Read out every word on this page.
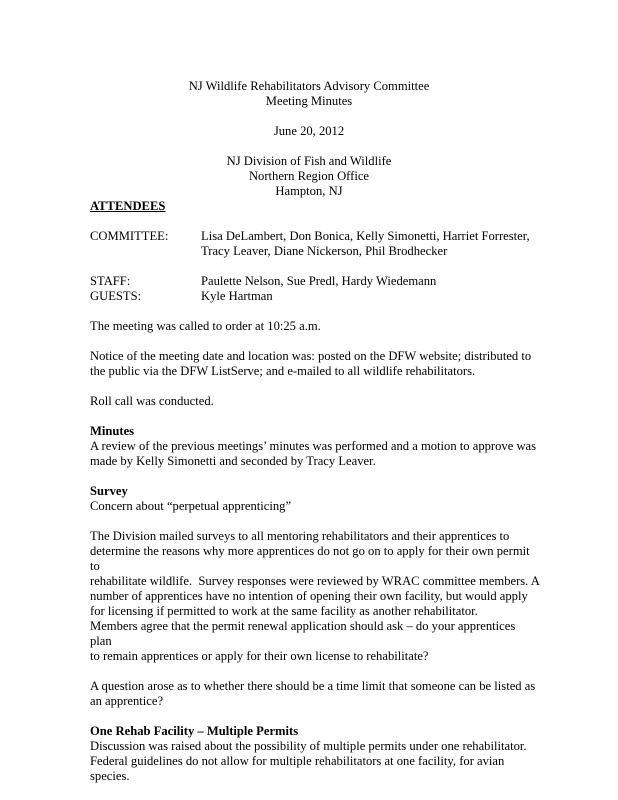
NJ Wildlife Rehabilitators Advisory Committee
Meeting Minutes
June 20, 2012
NJ Division of Fish and Wildlife
Northern Region Office
Hampton, NJ

ATTENDEES

COMMITTEE:	Lisa DeLambert, Don Bonica, Kelly Simonetti, Harriet Forrester,
Tracy Leaver, Diane Nickerson, Phil Brodhecker
STAFF:	Paulette Nelson, Sue Predl, Hardy Wiedemann
GUESTS:	Kyle Hartman

The meeting was called to order at 10:25 a.m.

Notice of the meeting date and location was: posted on the DFW website; distributed to

the public via the DFW ListServe; and e-mailed to all wildlife rehabilitators.

Roll call was conducted.

Minutes

A review of the previous meetings’ minutes was performed and a motion to approve was

made by Kelly Simonetti and seconded by Tracy Leaver.

Survey

Concern about “perpetual apprenticing”

The Division mailed surveys to all mentoring rehabilitators and their apprentices to

determine the reasons why more apprentices do not go on to apply for their own permit to

rehabilitate wildlife.  Survey responses were reviewed by WRAC committee members. A

number of apprentices have no intention of opening their own facility, but would apply

for licensing if permitted to work at the same facility as another rehabilitator.

Members agree that the permit renewal application should ask – do your apprentices plan

to remain apprentices or apply for their own license to rehabilitate?

A question arose as to whether there should be a time limit that someone can be listed as

an apprentice?

One Rehab Facility – Multiple Permits

Discussion was raised about the possibility of multiple permits under one rehabilitator.

Federal guidelines do not allow for multiple rehabilitators at one facility, for avian

species.
